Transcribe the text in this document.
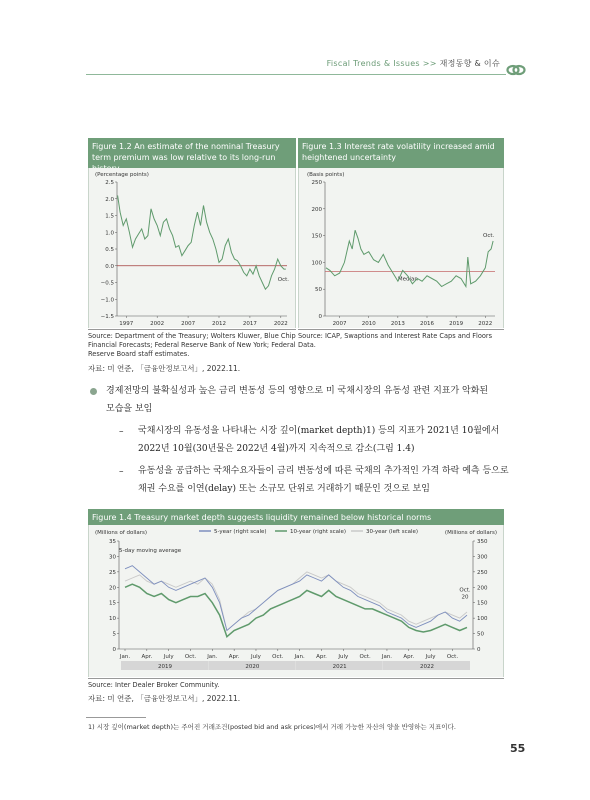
Fiscal Trends & Issues >> 재정동향 & 이슈
Figure 1.2 An estimate of the nominal Treasury term premium was low relative to its long-run
(Percentage points)
2.5
2.0
1.5
1.0
0.5
0.0
−0.5
−1.0
−1.5
1997	2002	2007	2012	2017	2022
Oct.
Source: Department of the Treasury; Wolters Kluwer, Blue Chip Financial Forecasts; Federal Reserve Bank of New York; Federal Reserve Board staff estimates.
Figure 1.3 Interest rate volatility increased amid heightened uncertainty
(Basis points)
250
200
150
100
50
0
2007	2010	2013	2016	2019	2022
Median
Oct.
Source: ICAP, Swaptions and Interest Rate Caps and Floors Data.
자료: 미 연준, 「금융안정보고서」, 2022.11.
경제전망의 불확실성과 높은 금리 변동성 등의 영향으로 미 국채시장의 유동성 관련 지표가 악화된
모습을 보임
– 국채시장의 유동성을 나타내는 시장 깊이(market depth)1) 등의 지표가 2021년 10월에서
2022년 10월(30년물은 2022년 4월)까지 지속적으로 감소(그림 1.4)
– 유동성을 공급하는 국채수요자들이 금리 변동성에 따른 국채의 추가적인 가격 하락 예측 등으로
채권 수요를 이연(delay) 또는 소규모 단위로 거래하기 때문인 것으로 보임
Figure 1.4 Treasury market depth suggests liquidity remained below historical norms
(Millions of dollars)	(Millions of dollars)
5-day moving average
5-year (right scale)	10-year (right scale)	30-year (left scale)
35
30
25
20
15
10
5
0
350
300
250
200
150
100
50
0
Jan. Apr. July Oct. Jan. Apr. July Oct. Jan. Apr. July Oct. Jan. Apr. July Oct.
2019	2020	2021	2022
Oct.
20
Source: Inter Dealer Broker Community.
자료: 미 연준, 「금융안정보고서」, 2022.11.
1) 시장 깊이(market depth)는 주어진 거래조건(posted bid and ask prices)에서 거래 가능한 자산의 양을 반영하는 지표이다.
55
